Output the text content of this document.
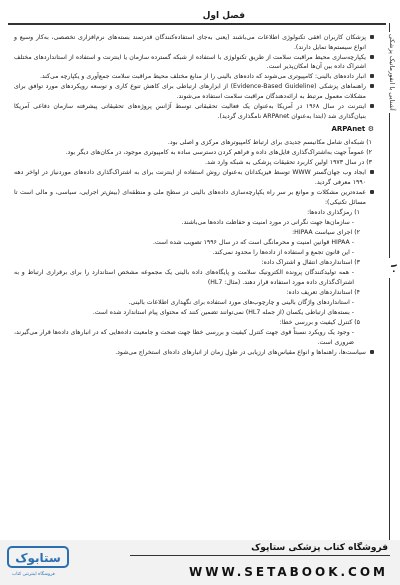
فصل اول
آشنایی با انفورماتیک پزشکی
۱۰
پزشکان کاربران افقی تکنولوژی اطلاعات می‌باشند (یعنی به‌جای استفاده‌کنندگان قدرتمند بسته‌های نرم‌افزاری تخصصی، به‌کار وسیع و انواع سیستم‌ها تمایل دارند).
یکپارچه‌سازی محیط مراقبت سلامت از طریق تکنولوژی با استفاده از شبکه گسترده سازمان یا اینترنت و استفاده از استانداردهای مختلف اشتراک داده بین آن‌ها امکان‌پذیر است.
انبار داده‌های بالینی: کامپیوتری می‌شوند که داده‌های بالینی را از منابع مختلف محیط مراقبت سلامت جمع‌آوری و یکپارچه می‌کند.
راهنماهای پزشکی (Evidence-Based Guideline) از ابزارهای ارتباطی برای کاهش تنوع کاری و توسعه رویکردهای مورد توافق برای مشکلات معمول مرتبط به ارائه‌دهندگان مراقبت سلامت استفاده می‌شوند.
اینترنت در سال ۱۹۶۸ در آمریکا به‌عنوان یک فعالیت تحقیقاتی توسط آژانس پروژه‌های تحقیقاتی پیشرفته سازمان دفاعی آمریکا بنیان‌گذاری شد (ابتدا به‌عنوان ARPAnet نامگذاری گردید).
⚙ ARPAnet
۱) شبکه‌ای شامل مکانیسم جدیدی برای ارتباط کامپیوترهای مرکزی و اصلی بود.
۲) عموماً جهت به‌اشتراک‌گذاری فایل‌های داده و فراهم کردن دسترسی ساده به کامپیوتری موجود، در مکان‌های دیگر بود.
۳) در سال ۱۹۷۳ اولین کاربرد تحقیقات پزشکی به شبکه وارد شد.
ایجاد وب جهان‌گستر WWW توسط فیزیکدانان به‌عنوان روش استفاده از اینترنت برای به اشتراک‌گذاری داده‌های مورد‌نیاز در اواخر دهه ۱۹۹۰ معرفی گردید.
عمده‌ترین مشکلات و موانع بر سر راه یکپارچه‌سازی داده‌های بالینی در سطح ملی و منطقه‌ای (بیش‌تر اجرایی، سیاسی، و مالی است تا مسائل تکنیکی):
۱) رمزگذاری داده‌ها:
- سازمان‌ها جهت نگرانی در مورد امنیت و حفاظت داده‌ها می‌باشند.
۲) اجرای سیاست HIPAA:
- HIPAA قوانین امنیت و محرمانگی است که در سال ۱۹۹۶ تصویب شده است.
- این قانون تجمع و استفاده از داده‌ها را محدود نمی‌کند.
۳) استانداردهای انتقال و اشتراک داده:
- همه تولیدکنندگان پرونده الکترونیک سلامت و پایگاه‌های داده بالینی یک مجموعه مشخص استاندارد را برای برقراری ارتباط و به اشتراک‌گذاری داده مورد استفاده قرار دهند. (مثال: HL7)
۴) استانداردهای تعریف داده:
- استانداردهای واژگان بالینی و چارچوب‌های مورد استفاده برای نگهداری اطلاعات بالینی.
- بسته‌های ارتباطی یکسان (از جمله HL7) نمی‌توانند تضمین کنند که محتوای پیام استاندارد شده است.
۵) کنترل کیفیت و بررسی خطا:
- وجود یک رویکرد نسبتاً قوی جهت کنترل کیفیت و بررسی خطا جهت صحت و جامعیت داده‌هایی که در انبارهای داده‌ها قرار می‌گیرند، ضروری است.
سیاست‌ها، راهنماها و انواع مقیاس‌های ارزیابی در طول زمان از انبارهای داده‌ای استخراج می‌شود.
ستابوک
فروشگاه اینترنتی کتاب
فروشگاه کتاب پزشکی ستاپوک
WWW.SETABOOK.COM
